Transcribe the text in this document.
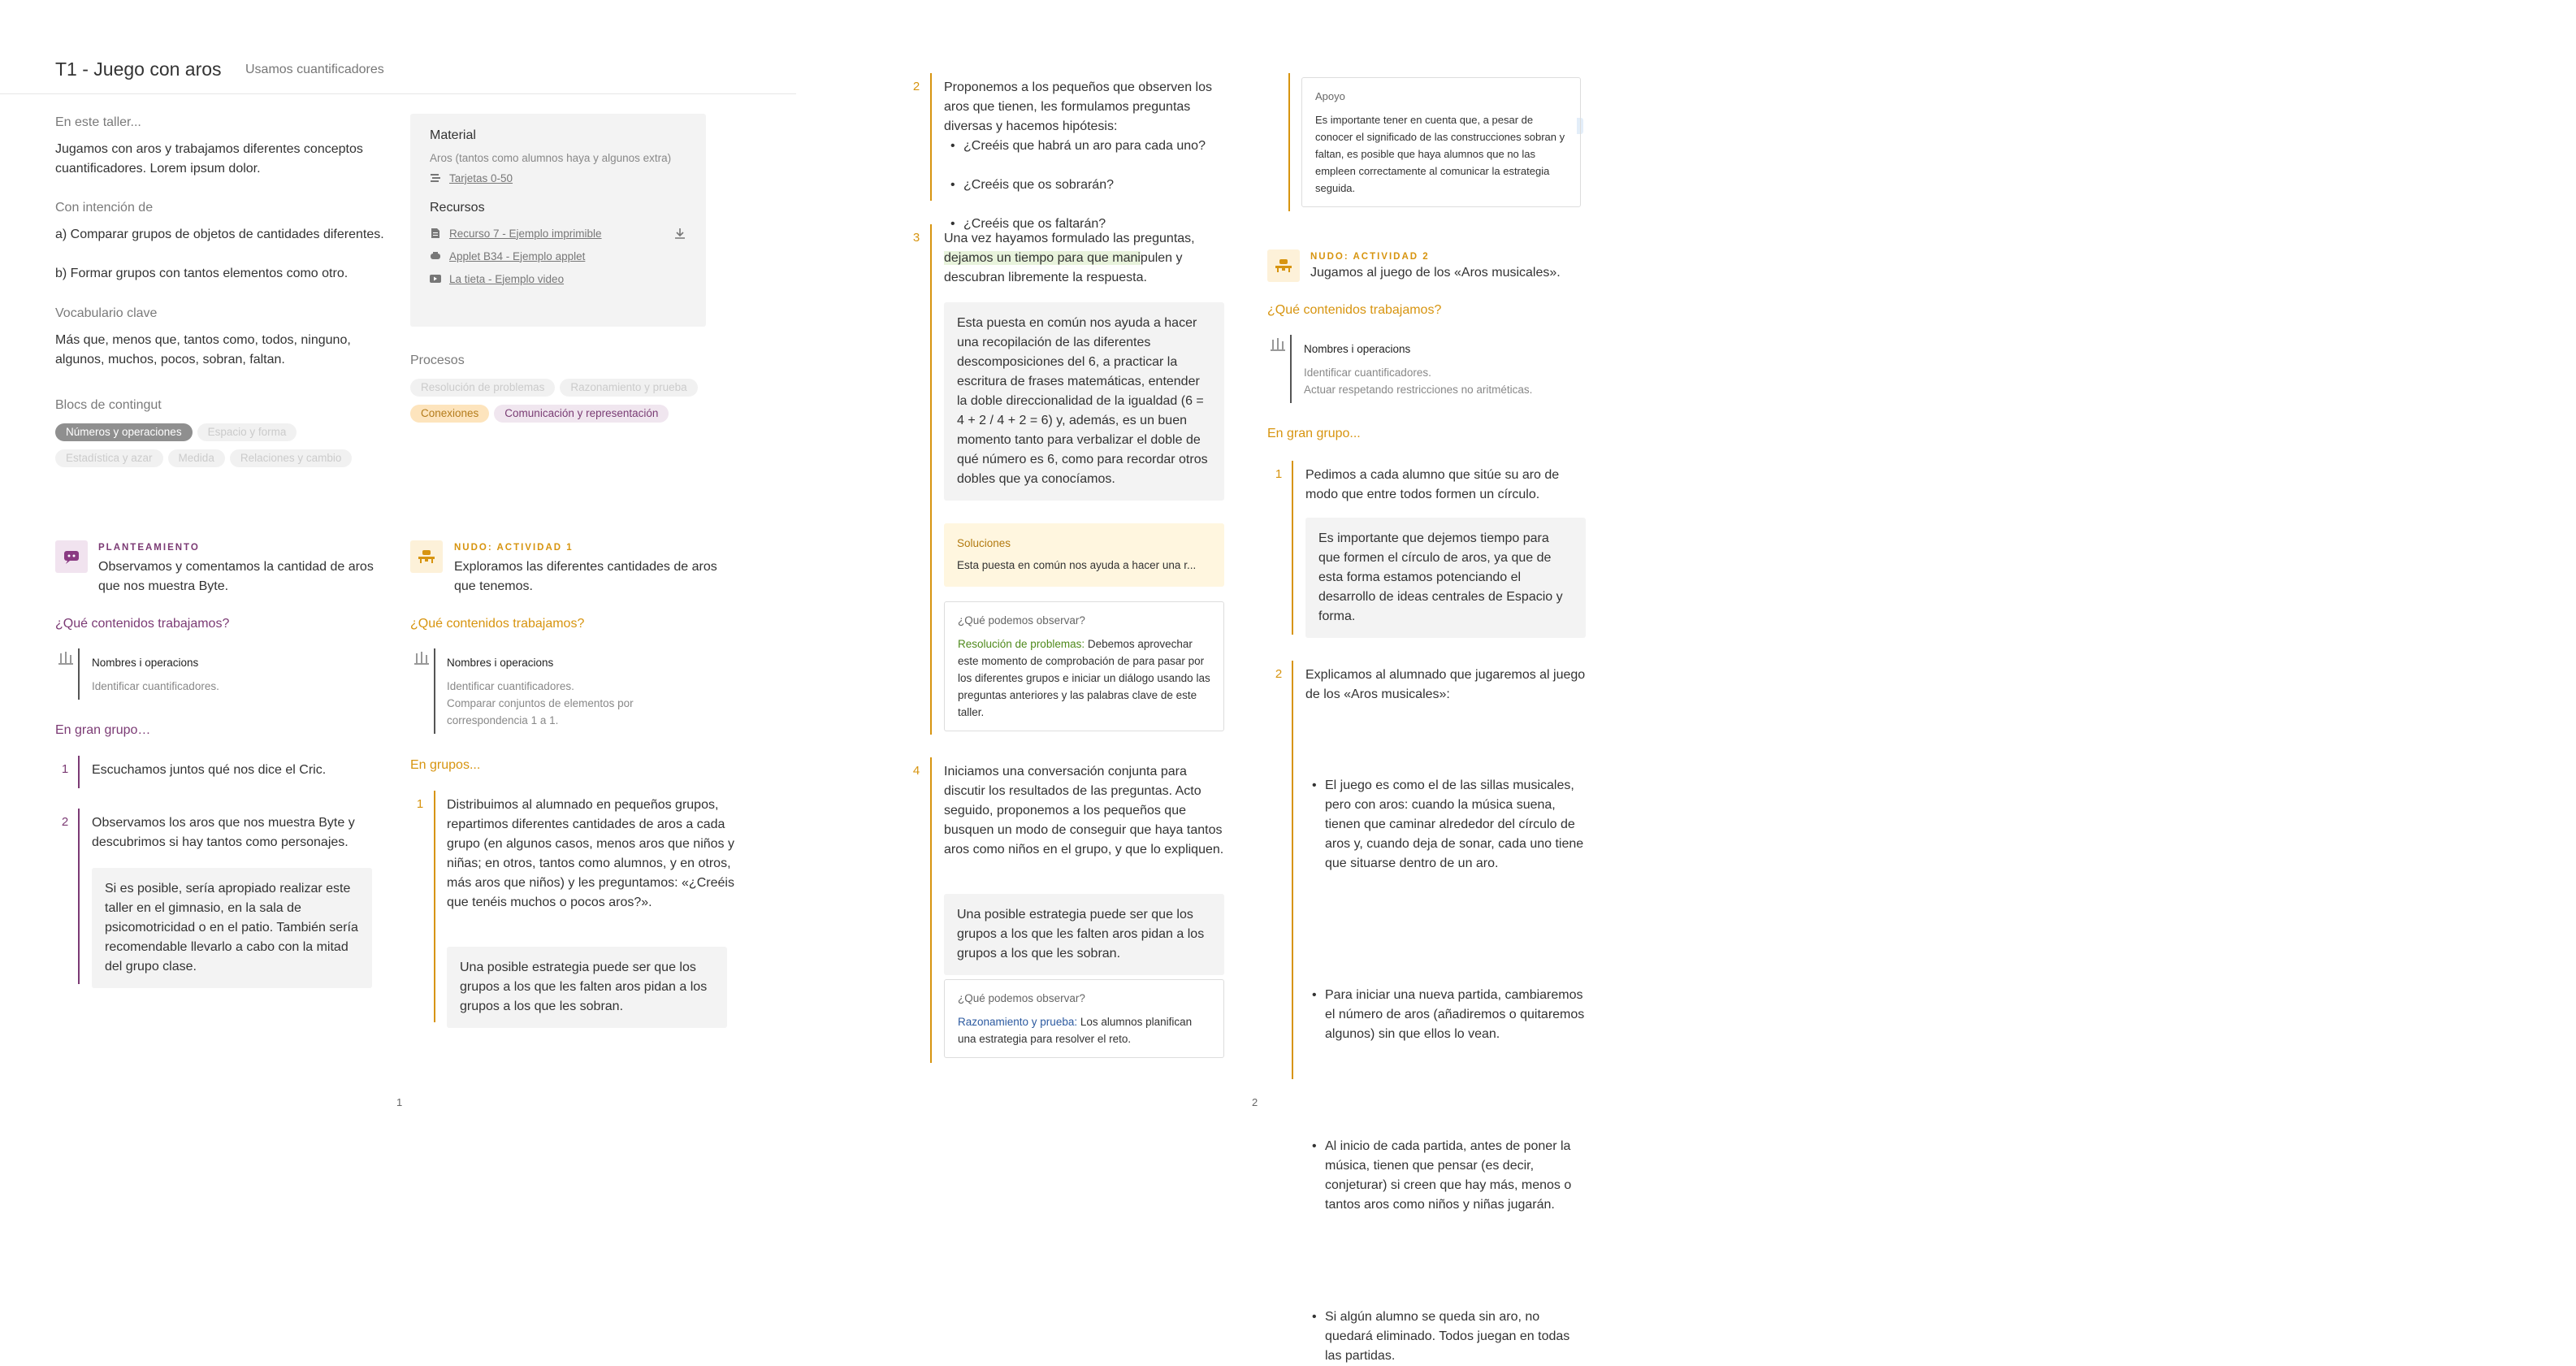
T1 - Juego con aros Usamos cuantificadores
En este taller...
Jugamos con aros y trabajamos diferentes conceptos cuantificadores. Lorem ipsum dolor.
Con intención de
a) Comparar grupos de objetos de cantidades diferentes.
b) Formar grupos con tantos elementos como otro.
Vocabulario clave
Más que, menos que, tantos como, todos, ninguno, algunos, muchos, pocos, sobran, faltan.
Blocs de contingut
Números y operaciones Espacio y forma
Estadística y azar Medida Relaciones y cambio
Material
Aros (tantos como alumnos haya y algunos extra)
Tarjetas 0-50
Recursos
Recurso 7 - Ejemplo imprimible
Applet B34 - Ejemplo applet
La tieta - Ejemplo video
Procesos
Resolución de problemas Razonamiento y prueba
Conexiones Comunicación y representación
PLANTEAMIENTO
Observamos y comentamos la cantidad de aros que nos muestra Byte.
¿Qué contenidos trabajamos?
Nombres i operacions
Identificar cuantificadores.
En gran grupo…
1 Escuchamos juntos qué nos dice el Cric.
2 Observamos los aros que nos muestra Byte y descubrimos si hay tantos como personajes.
Si es posible, sería apropiado realizar este taller en el gimnasio, en la sala de psicomotricidad o en el patio. También sería recomendable llevarlo a cabo con la mitad del grupo clase.
NUDO: ACTIVIDAD 1
Exploramos las diferentes cantidades de aros que tenemos.
¿Qué contenidos trabajamos?
Nombres i operacions
Identificar cuantificadores.
Comparar conjuntos de elementos por correspondencia 1 a 1.
En grupos...
1 Distribuimos al alumnado en pequeños grupos, repartimos diferentes cantidades de aros a cada grupo (en algunos casos, menos aros que niños y niñas; en otros, tantos como alumnos, y en otros, más aros que niños) y les preguntamos: «¿Creéis que tenéis muchos o pocos aros?».
Una posible estrategia puede ser que los grupos a los que les falten aros pidan a los grupos a los que les sobran.
1
2 Proponemos a los pequeños que observen los aros que tienen, les formulamos preguntas diversas y hacemos hipótesis:
• ¿Creéis que habrá un aro para cada uno?
• ¿Creéis que os sobrarán?
• ¿Creéis que os faltarán?
3 Una vez hayamos formulado las preguntas,
dejamos un tiempo para que manipulen y
descubran libremente la respuesta.
Esta puesta en común nos ayuda a hacer una recopilación de las diferentes descomposiciones del 6, a practicar la escritura de frases matemáticas, entender la doble direccionalidad de la igualdad (6 = 4 + 2 / 4 + 2 = 6) y, además, es un buen momento tanto para verbalizar el doble de qué número es 6, como para recordar otros dobles que ya conocíamos.
Soluciones
Esta puesta en común nos ayuda a hacer una r...
¿Qué podemos observar?
Resolución de problemas: Debemos aprovechar este momento de comprobación de para pasar por los diferentes grupos e iniciar un diálogo usando las preguntas anteriores y las palabras clave de este taller.
4 Iniciamos una conversación conjunta para discutir los resultados de las preguntas. Acto seguido, proponemos a los pequeños que busquen un modo de conseguir que haya tantos aros como niños en el grupo, y que lo expliquen.
Una posible estrategia puede ser que los grupos a los que les falten aros pidan a los grupos a los que les sobran.
¿Qué podemos observar?
Razonamiento y prueba: Los alumnos planifican una estrategia para resolver el reto.
Apoyo
Es importante tener en cuenta que, a pesar de conocer el significado de las construcciones sobran y faltan, es posible que haya alumnos que no las empleen correctamente al comunicar la estrategia seguida.
NUDO: ACTIVIDAD 2
Jugamos al juego de los «Aros musicales».
¿Qué contenidos trabajamos?
Nombres i operacions
Identificar cuantificadores.
Actuar respetando restricciones no aritméticas.
En gran grupo...
1 Pedimos a cada alumno que sitúe su aro de modo que entre todos formen un círculo.
Es importante que dejemos tiempo para que formen el círculo de aros, ya que de esta forma estamos potenciando el desarrollo de ideas centrales de Espacio y forma.
2 Explicamos al alumnado que jugaremos al juego de los «Aros musicales»:
• El juego es como el de las sillas musicales, pero con aros: cuando la música suena, tienen que caminar alrededor del círculo de aros y, cuando deja de sonar, cada uno tiene que situarse dentro de un aro.
• Para iniciar una nueva partida, cambiaremos el número de aros (añadiremos o quitaremos algunos) sin que ellos lo vean.
• Al inicio de cada partida, antes de poner la música, tienen que pensar (es decir, conjeturar) si creen que hay más, menos o tantos aros como niños y niñas jugarán.
• Si algún alumno se queda sin aro, no quedará eliminado. Todos juegan en todas las partidas.
2
